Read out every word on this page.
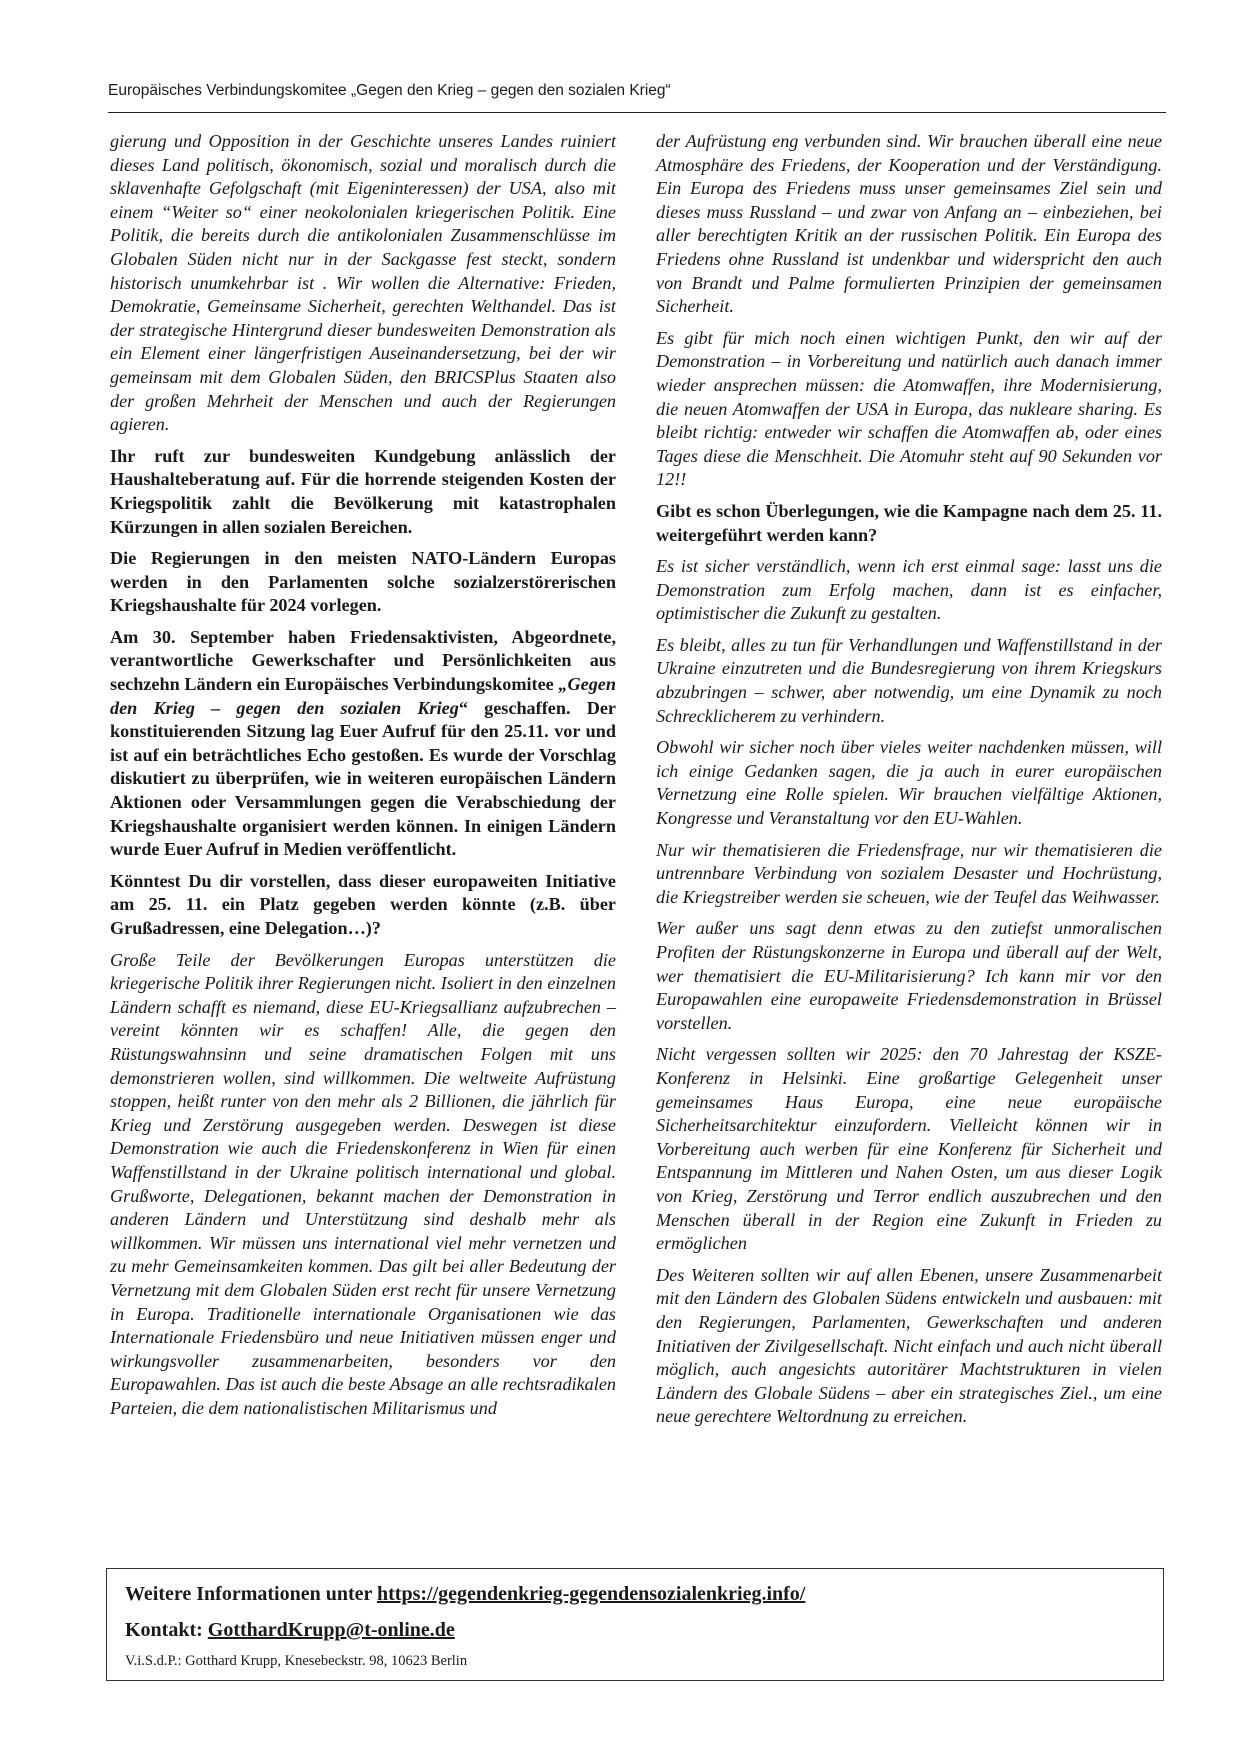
Europäisches Verbindungskomitee „Gegen den Krieg – gegen den sozialen Krieg“

gierung und Opposition in der Geschichte unseres Landes ruiniert dieses Land politisch, ökonomisch, sozial und moralisch durch die sklavenhafte Gefolgschaft (mit Eigeninteressen) der USA, also mit einem “Weiter so“ einer neokolonialen kriegerischen Politik. Eine Politik, die bereits durch die antikolonialen Zusammenschlüsse im Globalen Süden nicht nur in der Sackgasse fest steckt, sondern historisch unumkehrbar ist . Wir wollen die Alternative: Frieden, Demokratie, Gemeinsame Sicherheit, gerechten Welthandel. Das ist der strategische Hintergrund dieser bundesweiten Demonstration als ein Element einer längerfristigen Auseinandersetzung, bei der wir gemeinsam mit dem Globalen Süden, den BRICSPlus Staaten also der großen Mehrheit der Menschen und auch der Regierungen agieren.

Ihr ruft zur bundesweiten Kundgebung anlässlich der Haushalteberatung auf. Für die horrende steigenden Kosten der Kriegspolitik zahlt die Bevölkerung mit katastrophalen Kürzungen in allen sozialen Bereichen.

Die Regierungen in den meisten NATO-Ländern Europas werden in den Parlamenten solche sozialzerstörerischen Kriegshaushalte für 2024 vorlegen.

Am 30. September haben Friedensaktivisten, Abgeordnete, verantwortliche Gewerkschafter und Persönlichkeiten aus sechzehn Ländern ein Europäisches Verbindungskomitee „Gegen den Krieg – gegen den sozialen Krieg“ geschaffen. Der konstituierenden Sitzung lag Euer Aufruf für den 25.11. vor und ist auf ein beträchtliches Echo gestoßen. Es wurde der Vorschlag diskutiert zu überprüfen, wie in weiteren europäischen Ländern Aktionen oder Versammlungen gegen die Verabschiedung der Kriegshaushalte organisiert werden können. In einigen Ländern wurde Euer Aufruf in Medien veröffentlicht.

Könntest Du dir vorstellen, dass dieser europaweiten Initiative am 25. 11. ein Platz gegeben werden könnte (z.B. über Grußadressen, eine Delegation…)?

Große Teile der Bevölkerungen Europas unterstützen die kriegerische Politik ihrer Regierungen nicht. Isoliert in den einzelnen Ländern schafft es niemand, diese EU-Kriegsallianz aufzubrechen – vereint könnten wir es schaffen! Alle, die gegen den Rüstungswahnsinn und seine dramatischen Folgen mit uns demonstrieren wollen, sind willkommen. Die weltweite Aufrüstung stoppen, heißt runter von den mehr als 2 Billionen, die jährlich für Krieg und Zerstörung ausgegeben werden. Deswegen ist diese Demonstration wie auch die Friedenskonferenz in Wien für einen Waffenstillstand in der Ukraine politisch international und global. Grußworte, Delegationen, bekannt machen der Demonstration in anderen Ländern und Unterstützung sind deshalb mehr als willkommen. Wir müssen uns international viel mehr vernetzen und zu mehr Gemeinsamkeiten kommen. Das gilt bei aller Bedeutung der Vernetzung mit dem Globalen Süden erst recht für unsere Vernetzung in Europa. Traditionelle internationale Organisationen wie das Internationale Friedensbüro und neue Initiativen müssen enger und wirkungsvoller zusammenarbeiten, besonders vor den Europawahlen. Das ist auch die beste Absage an alle rechtsradikalen Parteien, die dem nationalistischen Militarismus und

der Aufrüstung eng verbunden sind. Wir brauchen überall eine neue Atmosphäre des Friedens, der Kooperation und der Verständigung. Ein Europa des Friedens muss unser gemeinsames Ziel sein und dieses muss Russland – und zwar von Anfang an – einbeziehen, bei aller berechtigten Kritik an der russischen Politik. Ein Europa des Friedens ohne Russland ist undenkbar und widerspricht den auch von Brandt und Palme formulierten Prinzipien der gemeinsamen Sicherheit.

Es gibt für mich noch einen wichtigen Punkt, den wir auf der Demonstration – in Vorbereitung und natürlich auch danach immer wieder ansprechen müssen: die Atomwaffen, ihre Modernisierung, die neuen Atomwaffen der USA in Europa, das nukleare sharing. Es bleibt richtig: entweder wir schaffen die Atomwaffen ab, oder eines Tages diese die Menschheit. Die Atomuhr steht auf 90 Sekunden vor 12!!

Gibt es schon Überlegungen, wie die Kampagne nach dem 25. 11. weitergeführt werden kann?

Es ist sicher verständlich, wenn ich erst einmal sage: lasst uns die Demonstration zum Erfolg machen, dann ist es einfacher, optimistischer die Zukunft zu gestalten.

Es bleibt, alles zu tun für Verhandlungen und Waffenstillstand in der Ukraine einzutreten und die Bundesregierung von ihrem Kriegskurs abzubringen – schwer, aber notwendig, um eine Dynamik zu noch Schrecklicherem zu verhindern.

Obwohl wir sicher noch über vieles weiter nachdenken müssen, will ich einige Gedanken sagen, die ja auch in eurer europäischen Vernetzung eine Rolle spielen. Wir brauchen vielfältige Aktionen, Kongresse und Veranstaltung vor den EU-Wahlen.

Nur wir thematisieren die Friedensfrage, nur wir thematisieren die untrennbare Verbindung von sozialem Desaster und Hochrüstung, die Kriegstreiber werden sie scheuen, wie der Teufel das Weihwasser.

Wer außer uns sagt denn etwas zu den zutiefst unmoralischen Profiten der Rüstungskonzerne in Europa und überall auf der Welt, wer thematisiert die EU-Militarisierung? Ich kann mir vor den Europawahlen eine europaweite Friedensdemonstration in Brüssel vorstellen.

Nicht vergessen sollten wir 2025: den 70 Jahrestag der KSZE-Konferenz in Helsinki. Eine großartige Gelegenheit unser gemeinsames Haus Europa, eine neue europäische Sicherheitsarchitektur einzufordern. Vielleicht können wir in Vorbereitung auch werben für eine Konferenz für Sicherheit und Entspannung im Mittleren und Nahen Osten, um aus dieser Logik von Krieg, Zerstörung und Terror endlich auszubrechen und den Menschen überall in der Region eine Zukunft in Frieden zu ermöglichen

Des Weiteren sollten wir auf allen Ebenen, unsere Zusammenarbeit mit den Ländern des Globalen Südens entwickeln und ausbauen: mit den Regierungen, Parlamenten, Gewerkschaften und anderen Initiativen der Zivilgesellschaft. Nicht einfach und auch nicht überall möglich, auch angesichts autoritärer Machtstrukturen in vielen Ländern des Globale Südens – aber ein strategisches Ziel., um eine neue gerechtere Weltordnung zu erreichen.

Weitere Informationen unter https://gegendenkrieg-gegendensozialenkrieg.info/
Kontakt: GotthardKrupp@t-online.de
V.i.S.d.P.: Gotthard Krupp, Knesebeckstr. 98, 10623 Berlin
